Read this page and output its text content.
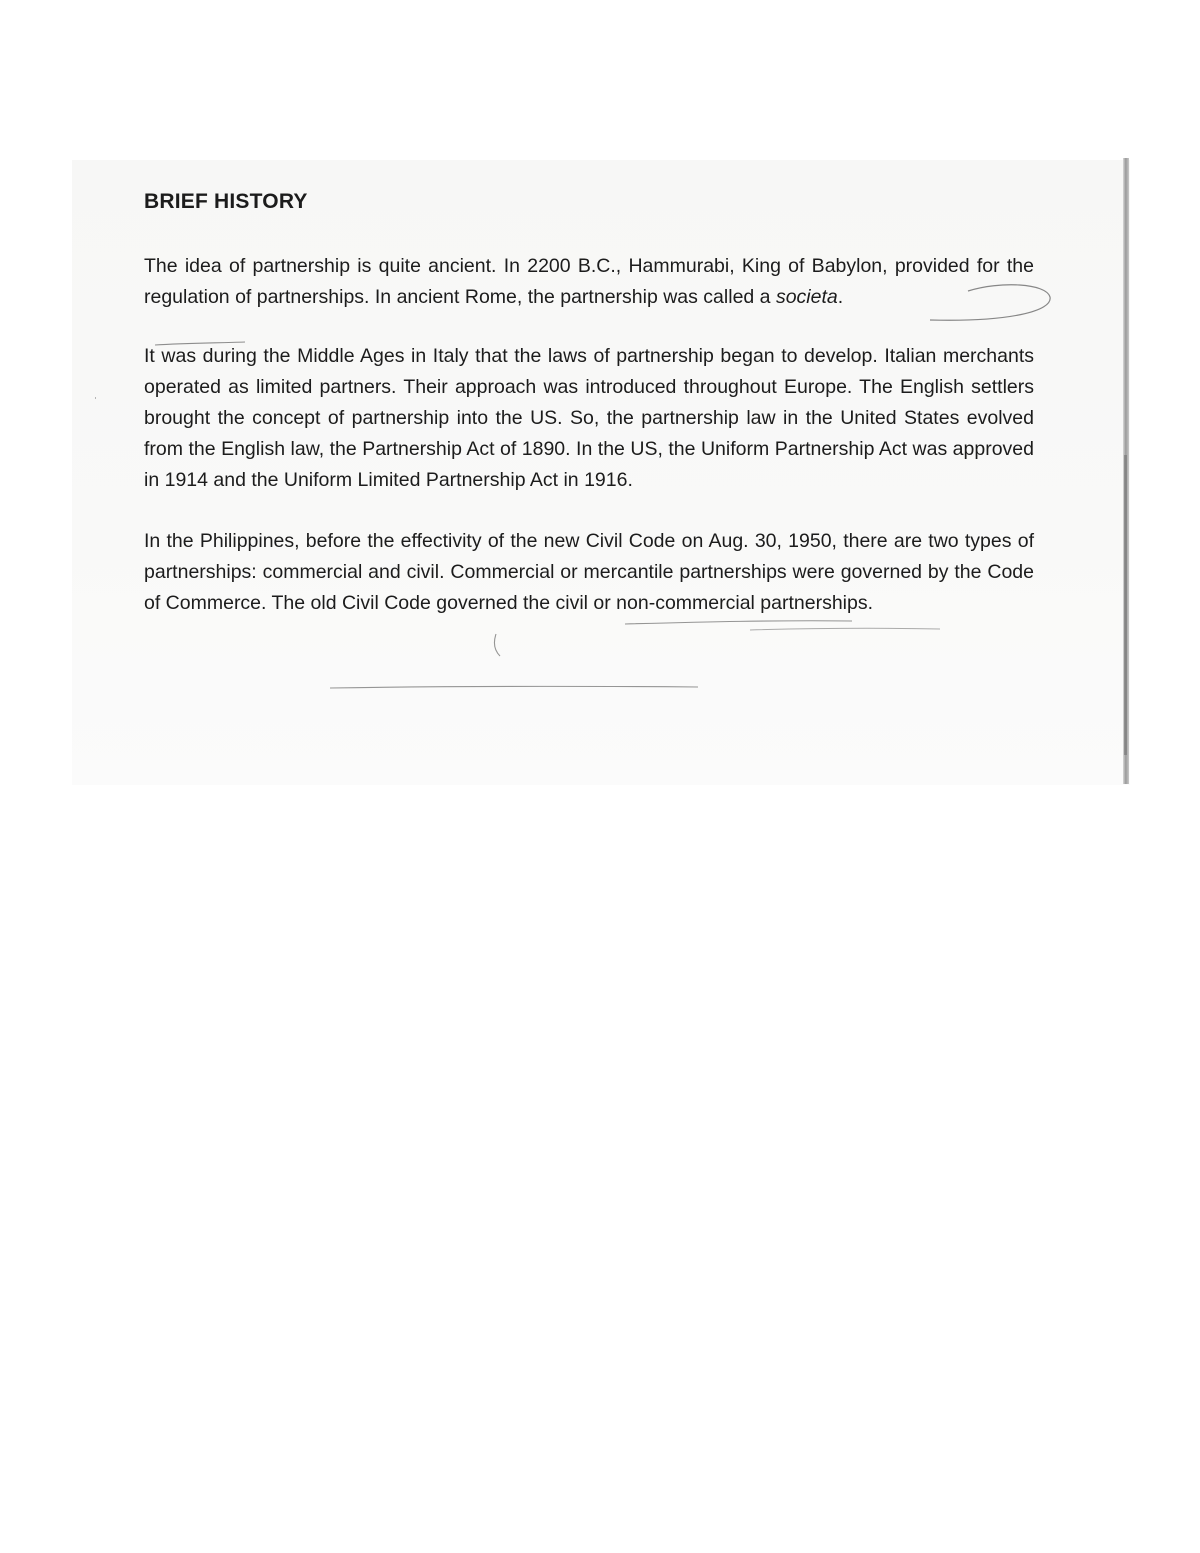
BRIEF HISTORY

The idea of partnership is quite ancient. In 2200 B.C., Hammurabi, King of Babylon, provided for the regulation of partnerships. In ancient Rome, the partnership was called a societa.

It was during the Middle Ages in Italy that the laws of partnership began to develop. Italian merchants operated as limited partners. Their approach was introduced throughout Europe. The English settlers brought the concept of partnership into the US. So, the partnership law in the United States evolved from the English law, the Partnership Act of 1890. In the US, the Uniform Partnership Act was approved in 1914 and the Uniform Limited Partnership Act in 1916.

In the Philippines, before the effectivity of the new Civil Code on Aug. 30, 1950, there are two types of partnerships: commercial and civil. Commercial or mercantile partnerships were governed by the Code of Commerce. The old Civil Code governed the civil or non-commercial partnerships.
